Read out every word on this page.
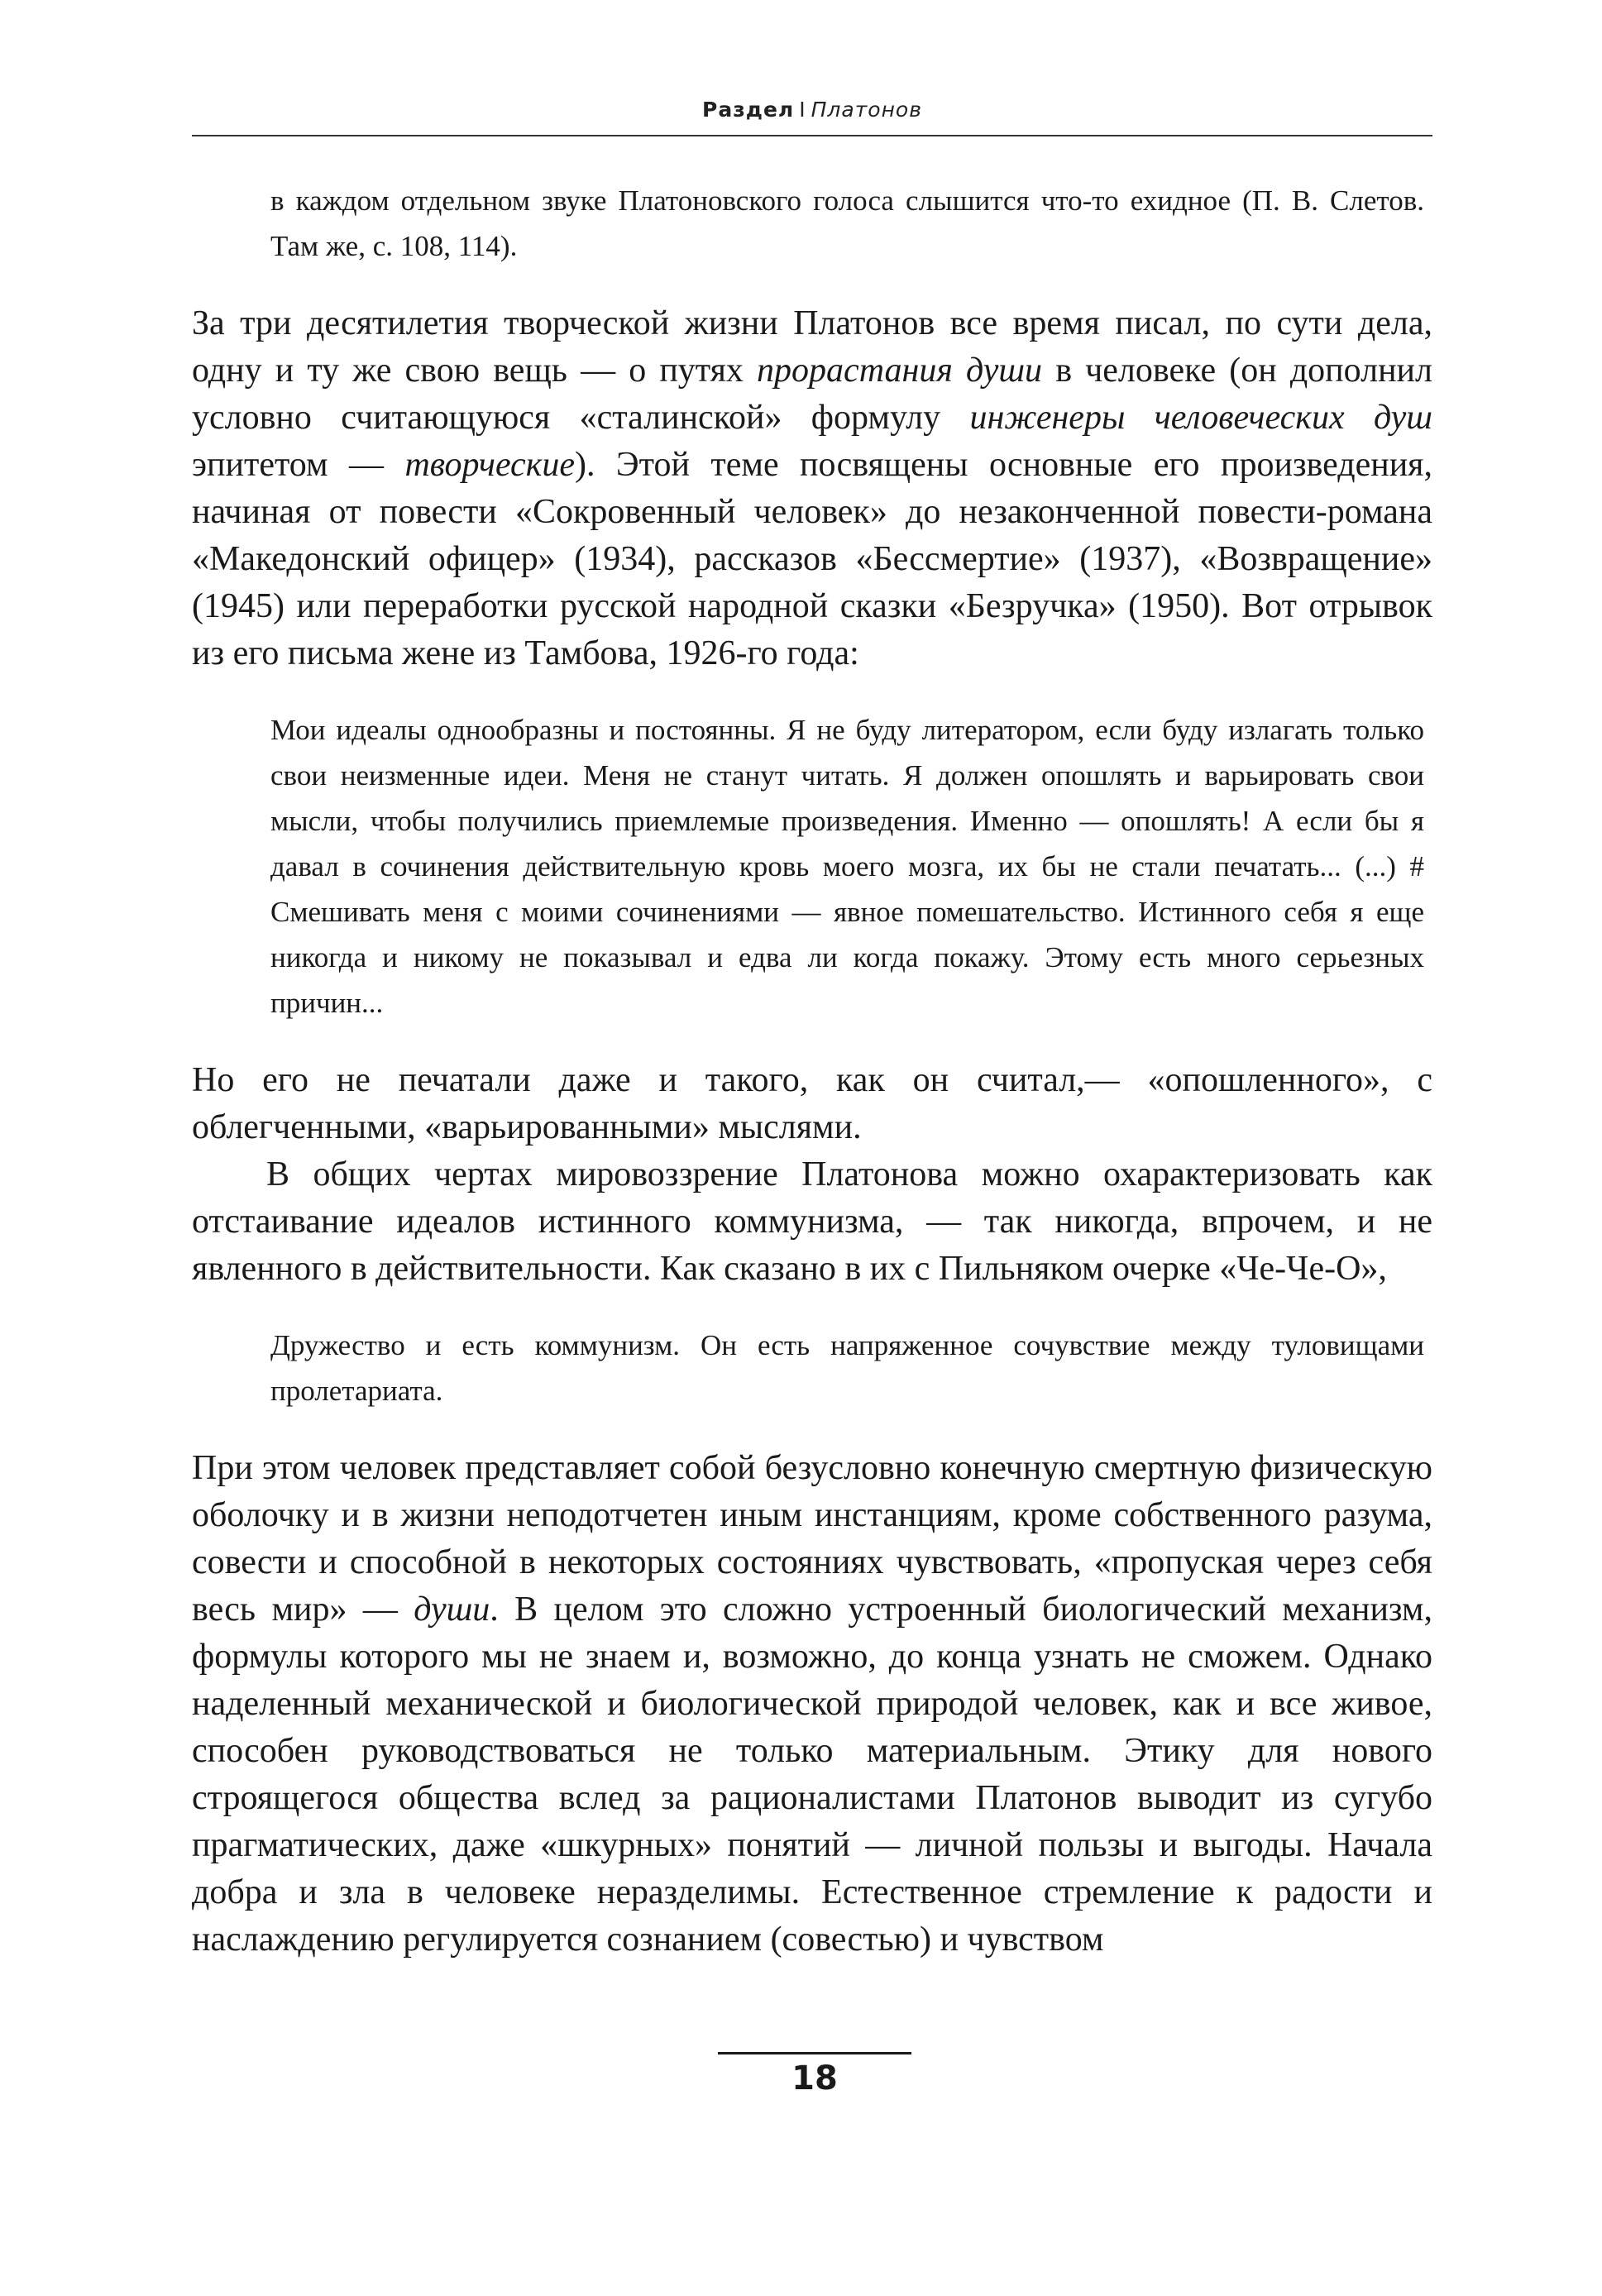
Раздел I Платонов

в каждом отдельном звуке Платоновского голоса слышится что-то ехидное (П. В. Слетов. Там же, с. 108, 114).

За три десятилетия творческой жизни Платонов все время писал, по сути дела, одну и ту же свою вещь — о путях прорастания души в человеке (он дополнил условно считающуюся «сталинской» формулу инженеры человеческих душ эпитетом — творческие). Этой теме посвящены основные его произведения, начиная от повести «Сокровенный человек» до незаконченной повести-романа «Македонский офицер» (1934), рассказов «Бессмертие» (1937), «Возвращение» (1945) или переработки русской народной сказки «Безручка» (1950). Вот отрывок из его письма жене из Тамбова, 1926-го года:

Мои идеалы однообразны и постоянны. Я не буду литератором, если буду излагать только свои неизменные идеи. Меня не станут читать. Я должен опошлять и варьировать свои мысли, чтобы получились приемлемые произведения. Именно — опошлять! А если бы я давал в сочинения действительную кровь моего мозга, их бы не стали печатать... (...) # Смешивать меня с моими сочинениями — явное помешательство. Истинного себя я еще никогда и никому не показывал и едва ли когда покажу. Этому есть много серьезных причин...

Но его не печатали даже и такого, как он считал,— «опошленного», с облегченными, «варьированными» мыслями.

В общих чертах мировоззрение Платонова можно охарактеризовать как отстаивание идеалов истинного коммунизма, — так никогда, впрочем, и не явленного в действительности. Как сказано в их с Пильняком очерке «Че-Че-О»,

Дружество и есть коммунизм. Он есть напряженное сочувствие между туловищами пролетариата.

При этом человек представляет собой безусловно конечную смертную физическую оболочку и в жизни неподотчетен иным инстанциям, кроме собственного разума, совести и способной в некоторых состояниях чувствовать, «пропуская через себя весь мир» — души. В целом это сложно устроенный биологический механизм, формулы которого мы не знаем и, возможно, до конца узнать не сможем. Однако наделенный механической и биологической природой человек, как и все живое, способен руководствоваться не только материальным. Этику для нового строящегося общества вслед за рационалистами Платонов выводит из сугубо прагматических, даже «шкурных» понятий — личной пользы и выгоды. Начала добра и зла в человеке неразделимы. Естественное стремление к радости и наслаждению регулируется сознанием (совестью) и чувством

18
